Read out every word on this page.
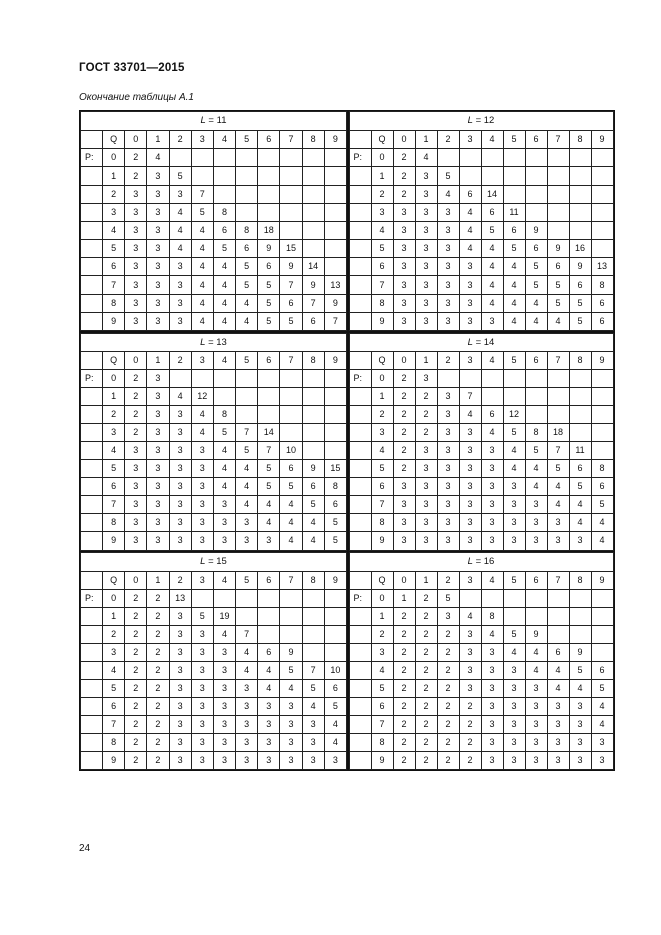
ГОСТ 33701—2015
Окончание таблицы А.1
L = 11											
	Q	0	1	2	3	4	5	6	7	8	9
P:	0	2	4								
	1	2	3	5							
	2	3	3	3	7						
	3	3	3	4	5	8					
	4	3	3	4	4	6	8	18			
	5	3	3	4	4	5	6	9	15		
	6	3	3	3	4	4	5	6	9	14	
	7	3	3	3	4	4	5	5	7	9	13
	8	3	3	3	4	4	4	5	6	7	9
	9	3	3	3	4	4	4	5	5	6	7
L = 12											
	Q	0	1	2	3	4	5	6	7	8	9
P:	0	2	4								
	1	2	3	5							
	2	2	3	4	6	14					
	3	3	3	3	4	6	11				
	4	3	3	3	4	5	6	9			
	5	3	3	3	4	4	5	6	9	16	
	6	3	3	3	3	4	4	5	6	9	13
	7	3	3	3	3	4	4	5	5	6	8
	8	3	3	3	3	4	4	4	5	5	6
	9	3	3	3	3	3	4	4	4	5	6
L = 13											
	Q	0	1	2	3	4	5	6	7	8	9
P:	0	2	3								
	1	2	3	4	12						
	2	2	3	3	4	8					
	3	2	3	3	4	5	7	14			
	4	3	3	3	3	4	5	7	10		
	5	3	3	3	3	4	4	5	6	9	15
	6	3	3	3	3	4	4	5	5	6	8
	7	3	3	3	3	3	4	4	4	5	6
	8	3	3	3	3	3	3	4	4	4	5
	9	3	3	3	3	3	3	3	4	4	5
L = 14											
	Q	0	1	2	3	4	5	6	7	8	9
P:	0	2	3								
	1	2	2	3	7						
	2	2	2	3	4	6	12				
	3	2	2	3	3	4	5	8	18		
	4	2	3	3	3	3	4	5	7	11	
	5	2	3	3	3	3	4	4	5	6	8
	6	3	3	3	3	3	3	4	4	5	6
	7	3	3	3	3	3	3	3	4	4	5
	8	3	3	3	3	3	3	3	3	4	4
	9	3	3	3	3	3	3	3	3	3	4
L = 15											
	Q	0	1	2	3	4	5	6	7	8	9
P:	0	2	2	13							
	1	2	2	3	5	19					
	2	2	2	3	3	4	7				
	3	2	2	3	3	3	4	6	9		
	4	2	2	3	3	3	4	4	5	7	10
	5	2	2	3	3	3	3	4	4	5	6
	6	2	2	3	3	3	3	3	3	4	5
	7	2	2	3	3	3	3	3	3	3	4
	8	2	2	3	3	3	3	3	3	3	4
	9	2	2	3	3	3	3	3	3	3	3
L = 16											
	Q	0	1	2	3	4	5	6	7	8	9
P:	0	1	2	5							
	1	2	2	3	4	8					
	2	2	2	2	3	4	5	9			
	3	2	2	2	3	3	4	4	6	9	
	4	2	2	2	3	3	3	4	4	5	6
	5	2	2	2	3	3	3	3	4	4	5
	6	2	2	2	2	3	3	3	3	3	4
	7	2	2	2	2	3	3	3	3	3	4
	8	2	2	2	2	3	3	3	3	3	3
	9	2	2	2	2	3	3	3	3	3	3
24
